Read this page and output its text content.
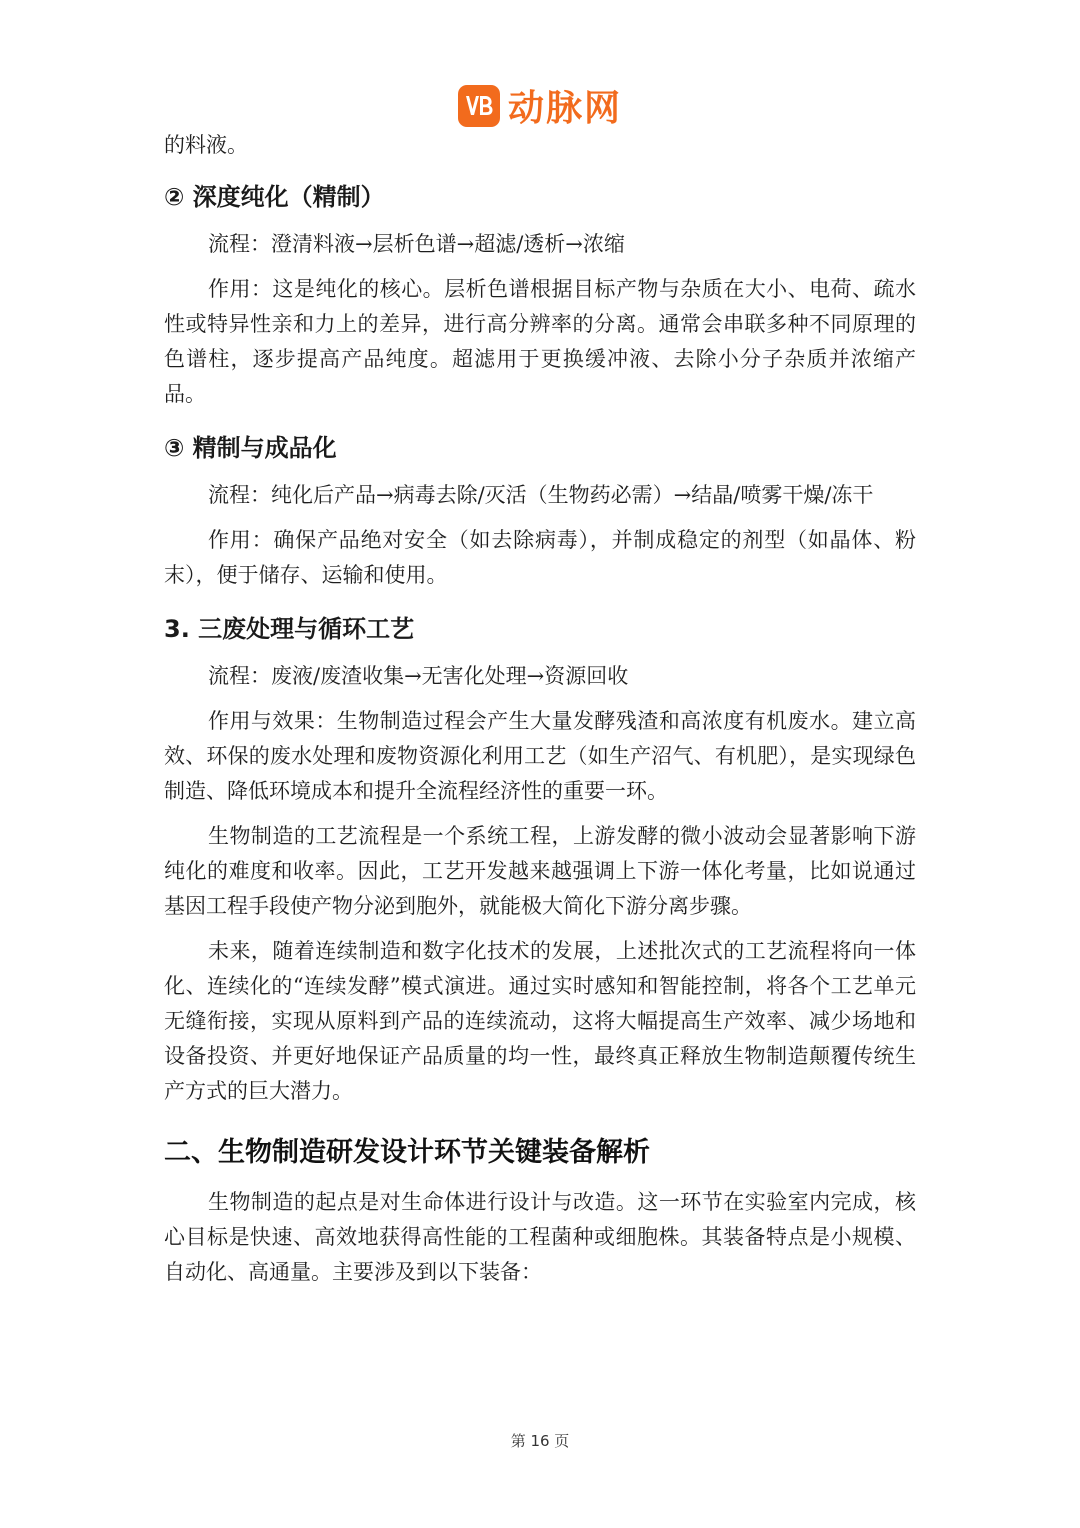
动脉网

的料液。

② 深度纯化（精制）

流程：澄清料液→层析色谱→超滤/透析→浓缩

作用：这是纯化的核心。层析色谱根据目标产物与杂质在大小、电荷、疏水性或特异性亲和力上的差异，进行高分辨率的分离。通常会串联多种不同原理的色谱柱，逐步提高产品纯度。超滤用于更换缓冲液、去除小分子杂质并浓缩产品。

③ 精制与成品化

流程：纯化后产品→病毒去除/灭活（生物药必需）→结晶/喷雾干燥/冻干

作用：确保产品绝对安全（如去除病毒），并制成稳定的剂型（如晶体、粉末），便于储存、运输和使用。

3. 三废处理与循环工艺

流程：废液/废渣收集→无害化处理→资源回收

作用与效果：生物制造过程会产生大量发酵残渣和高浓度有机废水。建立高效、环保的废水处理和废物资源化利用工艺（如生产沼气、有机肥），是实现绿色制造、降低环境成本和提升全流程经济性的重要一环。

生物制造的工艺流程是一个系统工程，上游发酵的微小波动会显著影响下游纯化的难度和收率。因此，工艺开发越来越强调上下游一体化考量，比如说通过基因工程手段使产物分泌到胞外，就能极大简化下游分离步骤。

未来，随着连续制造和数字化技术的发展，上述批次式的工艺流程将向一体化、连续化的“连续发酵”模式演进。通过实时感知和智能控制，将各个工艺单元无缝衔接，实现从原料到产品的连续流动，这将大幅提高生产效率、减少场地和设备投资、并更好地保证产品质量的均一性，最终真正释放生物制造颠覆传统生产方式的巨大潜力。

二、生物制造研发设计环节关键装备解析

生物制造的起点是对生命体进行设计与改造。这一环节在实验室内完成，核心目标是快速、高效地获得高性能的工程菌种或细胞株。其装备特点是小规模、自动化、高通量。主要涉及到以下装备：

第 16 页
